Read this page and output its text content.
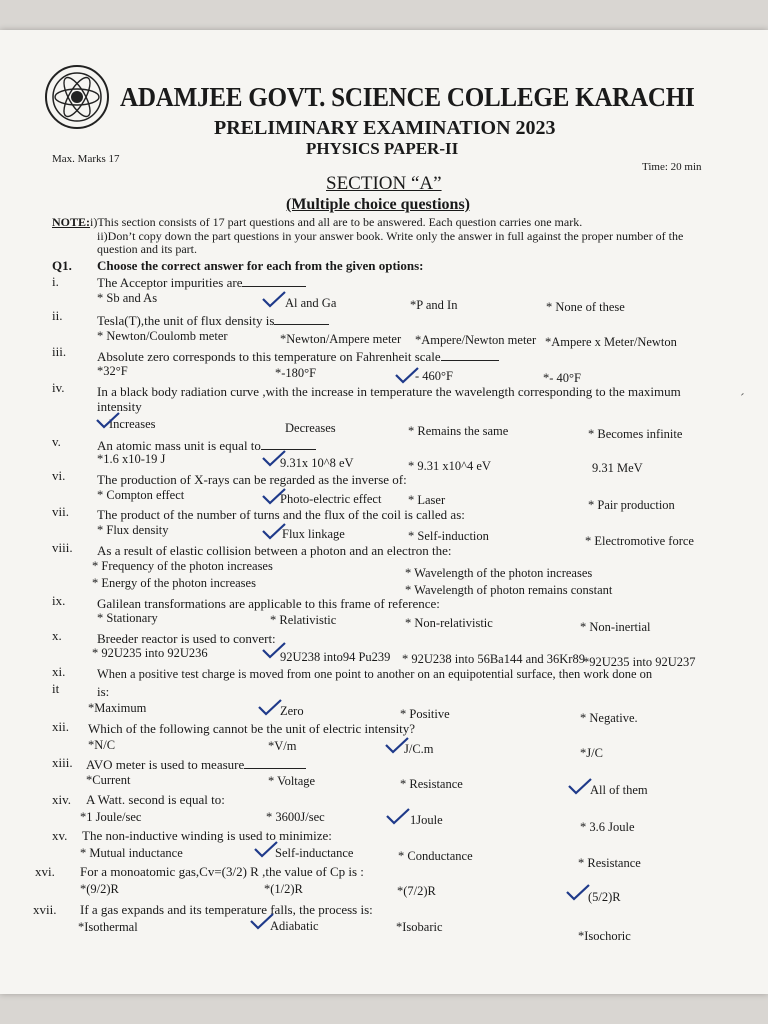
ADAMJEE GOVT. SCIENCE COLLEGE KARACHI
PRELIMINARY EXAMINATION 2023
PHYSICS PAPER-II
Max. Marks 17
Time: 20 min
SECTION “A”
(Multiple choice questions)
NOTE:i)This section consists of 17 part questions and all are to be answered. Each question carries one mark.
ii)Don’t copy down the part questions in your answer book. Write only the answer in full against the proper number of the question and its part.
Q1. Choose the correct answer for each from the given options:
i.	The Acceptor impurities are
* Sb and As	Al and Ga	*P and In	* None of these
ii.	Tesla(T),the unit of flux density is
* Newton/Coulomb meter	*Newton/Ampere meter *Ampere/Newton meter *Ampere x Meter/Newton
iii. Absolute zero corresponds to this temperature on Fahrenheit scale
*32°F	*-180°F	- 460°F	*- 40°F
ˊ
iv. In a black body radiation curve ,with the increase in temperature the wavelength corresponding to the maximum intensity
Increases	Decreases	* Remains the same	* Becomes infinite
v.	An atomic mass unit is equal to
*1.6 x10-19 J	9.31x 10^8 eV	* 9.31 x10^4 eV	9.31 MeV
vi. The production of X-rays can be regarded as the inverse of:
* Compton effect	Photo-electric effect * Laser	* Pair production
vii. The product of the number of turns and the flux of the coil is called as:
* Flux density	Flux linkage	* Self-induction	* Electromotive force
viii. As a result of elastic collision between a photon and an electron the:
* Frequency of the photon increases	* Wavelength of the photon increases
* Energy of the photon increases	* Wavelength of photon remains constant
ix. Galilean transformations are applicable to this frame of reference:
* Stationary	* Relativistic	* Non-relativistic	* Non-inertial
x.	Breeder reactor is used to convert:
* 92U235 into 92U236	92U238 into94 Pu239 * 92U238 into 56Ba144 and 36Kr89
*92U235 into 92U237
xi.
it
When a positive test charge is moved from one point to another on an equipotential surface, then work done on
is:
*Maximum	Zero	* Positive	* Negative.
xii. Which of the following cannot be the unit of electric intensity?
*N/C	*V/m	J/C.m	*J/C
xiii. AVO meter is used to measure
*Current	* Voltage	* Resistance	All of them
xiv. A Watt. second is equal to:
*1 Joule/sec	* 3600J/sec	1Joule	* 3.6 Joule
xv. The non-inductive winding is used to minimize:
* Mutual inductance	Self-inductance	* Conductance	* Resistance
xvi. For a monoatomic gas,Cv=(3/2) R ,the value of Cp is :
*(9/2)R	*(1/2)R	*(7/2)R	(5/2)R
xvii. If a gas expands and its temperature falls, the process is:
*Isothermal	Adiabatic	*Isobaric
*Isochoric
